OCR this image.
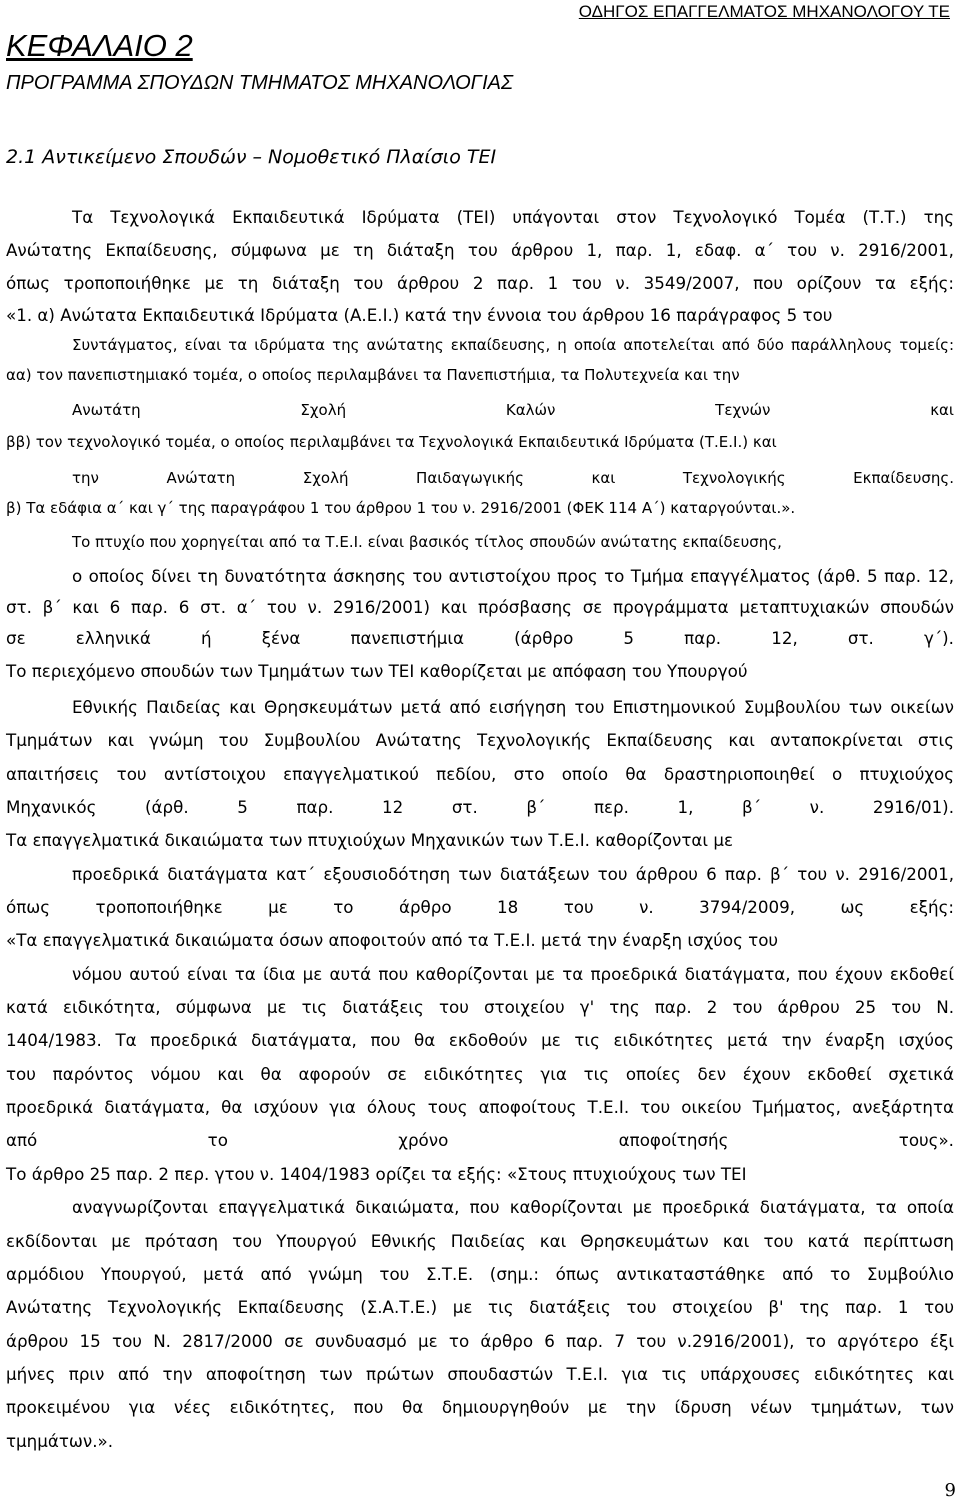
ΟΔΗΓΟΣ ΕΠΑΓΓΕΛΜΑΤΟΣ ΜΗΧΑΝΟΛΟΓΟΥ ΤΕ
ΚΕΦΑΛΑΙΟ 2
ΠΡΟΓΡΑΜΜΑ ΣΠΟΥΔΩΝ ΤΜΗΜΑΤΟΣ ΜΗΧΑΝΟΛΟΓΙΑΣ
2.1 Αντικείμενο Σπουδών – Νομοθετικό Πλαίσιο ΤΕΙ
Τα Τεχνολογικά Εκπαιδευτικά Ιδρύματα (ΤΕΙ) υπάγονται στον Τεχνολογικό Τομέα (Τ.Τ.) της
Ανώτατης Εκπαίδευσης, σύμφωνα με τη διάταξη του άρθρου 1, παρ. 1, εδαφ. α΄ του ν. 2916/2001,
όπως τροποποιήθηκε με τη διάταξη του άρθρου 2 παρ. 1 του ν. 3549/2007, που ορίζουν τα εξής:
«1. α) Ανώτατα Εκπαιδευτικά Ιδρύματα (Α.Ε.Ι.) κατά την έννοια του άρθρου 16 παράγραφος 5 του
Συντάγματος, είναι τα ιδρύματα της ανώτατης εκπαίδευσης, η οποία αποτελείται από δύο παράλληλους τομείς:
αα) τον πανεπιστημιακό τομέα, ο οποίος περιλαμβάνει τα Πανεπιστήμια, τα Πολυτεχνεία και την
Ανωτάτη Σχολή Καλών Τεχνών και
ββ) τον τεχνολογικό τομέα, ο οποίος περιλαμβάνει τα Τεχνολογικά Εκπαιδευτικά Ιδρύματα (Τ.Ε.Ι.) και
την Ανώτατη Σχολή Παιδαγωγικής και Τεχνολογικής Εκπαίδευσης.
β) Τα εδάφια α΄ και γ΄ της παραγράφου 1 του άρθρου 1 του ν. 2916/2001 (ΦΕΚ 114 Α΄) καταργούνται.».
Το πτυχίο που χορηγείται από τα Τ.Ε.Ι. είναι βασικός τίτλος σπουδών ανώτατης εκπαίδευσης,
ο οποίος δίνει τη δυνατότητα άσκησης του αντιστοίχου προς το Τμήμα επαγγέλματος (άρθ. 5 παρ. 12,
στ. β΄ και 6 παρ. 6 στ. α΄ του ν. 2916/2001) και πρόσβασης σε προγράμματα μεταπτυχιακών σπουδών
σε ελληνικά ή ξένα πανεπιστήμια (άρθρο 5 παρ. 12, στ. γ΄).
Το περιεχόμενο σπουδών των Τμημάτων των ΤΕΙ καθορίζεται με απόφαση του Υπουργού
Εθνικής Παιδείας και Θρησκευμάτων μετά από εισήγηση του Επιστημονικού Συμβουλίου των οικείων
Τμημάτων και γνώμη του Συμβουλίου Ανώτατης Τεχνολογικής Εκπαίδευσης και ανταποκρίνεται στις
απαιτήσεις του αντίστοιχου επαγγελματικού πεδίου, στο οποίο θα δραστηριοποιηθεί ο πτυχιούχος
Μηχανικός (άρθ. 5 παρ. 12 στ. β΄ περ. 1, β΄ ν. 2916/01).
Τα επαγγελματικά δικαιώματα των πτυχιούχων Μηχανικών των Τ.Ε.Ι. καθορίζονται με
προεδρικά διατάγματα κατ΄ εξουσιοδότηση των διατάξεων του άρθρου 6 παρ. β΄ του ν. 2916/2001,
όπως τροποποιήθηκε με το άρθρο 18 του ν. 3794/2009, ως εξής:
«Τα επαγγελματικά δικαιώματα όσων αποφοιτούν από τα Τ.Ε.Ι. μετά την έναρξη ισχύος του
νόμου αυτού είναι τα ίδια με αυτά που καθορίζονται με τα προεδρικά διατάγματα, που έχουν εκδοθεί
κατά ειδικότητα, σύμφωνα με τις διατάξεις του στοιχείου γ' της παρ. 2 του άρθρου 25 του Ν.
1404/1983. Τα προεδρικά διατάγματα, που θα εκδοθούν με τις ειδικότητες μετά την έναρξη ισχύος
του παρόντος νόμου και θα αφορούν σε ειδικότητες για τις οποίες δεν έχουν εκδοθεί σχετικά
προεδρικά διατάγματα, θα ισχύουν για όλους τους αποφοίτους Τ.Ε.Ι. του οικείου Τμήματος, ανεξάρτητα
από το χρόνο αποφοίτησής τους».
Το άρθρο 25 παρ. 2 περ. γτου ν. 1404/1983 ορίζει τα εξής: «Στους πτυχιούχους των ΤΕΙ
αναγνωρίζονται επαγγελματικά δικαιώματα, που καθορίζονται με προεδρικά διατάγματα, τα οποία
εκδίδονται με πρόταση του Υπουργού Εθνικής Παιδείας και Θρησκευμάτων και του κατά περίπτωση
αρμόδιου Υπουργού, μετά από γνώμη του Σ.Τ.Ε. (σημ.: όπως αντικαταστάθηκε από το Συμβούλιο
Ανώτατης Τεχνολογικής Εκπαίδευσης (Σ.Α.Τ.Ε.) με τις διατάξεις του στοιχείου β' της παρ. 1 του
άρθρου 15 του Ν. 2817/2000 σε συνδυασμό με το άρθρο 6 παρ. 7 του ν.2916/2001), το αργότερο έξι
μήνες πριν από την αποφοίτηση των πρώτων σπουδαστών Τ.Ε.Ι. για τις υπάρχουσες ειδικότητες και
προκειμένου για νέες ειδικότητες, που θα δημιουργηθούν με την ίδρυση νέων τμημάτων, των
τμημάτων.».
9
